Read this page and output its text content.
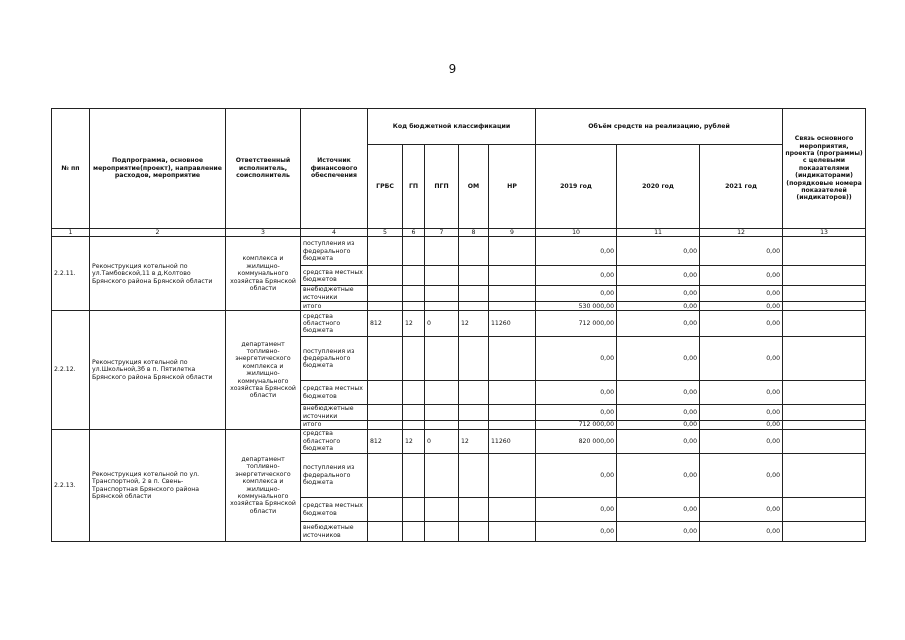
9
№ пп	Подпрограмма, основное мероприятие(проект), направление расходов, мероприятие	Ответственный исполнитель, соисполнитель	Источник финансового обеспечения	Код бюджетной классификации					Объём средств на реализацию, рублей			Связь основного мероприятия, проекта (программы) с целевыми показателями (индикаторами) (порядковые номера показателей (индикаторов))
				ГРБС	ГП	ПГП	ОМ	НР	2019 год	2020 год	2021 год	
1	2	3	4	5	6	7	8	9	10	11	12	13
2.2.11.	Реконструкция котельной по ул.Тамбовской,11 в д.Колтово Брянского района Брянской области	комплекса и жилищно-коммунального хозяйства Брянской области	поступления из федерального бюджета						0,00	0,00	0,00	
			средства местных бюджетов						0,00	0,00	0,00	
			внебюджетные источники						0,00	0,00	0,00	
			итого						530 000,00	0,00	0,00	
2.2.12.	Реконструкция котельной по ул.Школьной,3б в п. Пятилетка Брянского района Брянской области	департамент топливно-энергетического комплекса и жилищно-коммунального хозяйства Брянской области	средства областного бюджета	812	12	0	12	11260	712 000,00	0,00	0,00	
			поступления из федерального бюджета						0,00	0,00	0,00	
			средства местных бюджетов						0,00	0,00	0,00	
			внебюджетные источники						0,00	0,00	0,00	
			итого						712 000,00	0,00	0,00	
2.2.13.	Реконструкция котельной по ул. Транспортной, 2 в п. Свень-Транспортная Брянского района Брянской области	департамент топливно-энергетического комплекса и жилищно-коммунального хозяйства Брянской области	средства областного бюджета	812	12	0	12	11260	820 000,00	0,00	0,00	
			поступления из федерального бюджета						0,00	0,00	0,00	
			средства местных бюджетов						0,00	0,00	0,00	
			внебюджетные источников						0,00	0,00	0,00	
